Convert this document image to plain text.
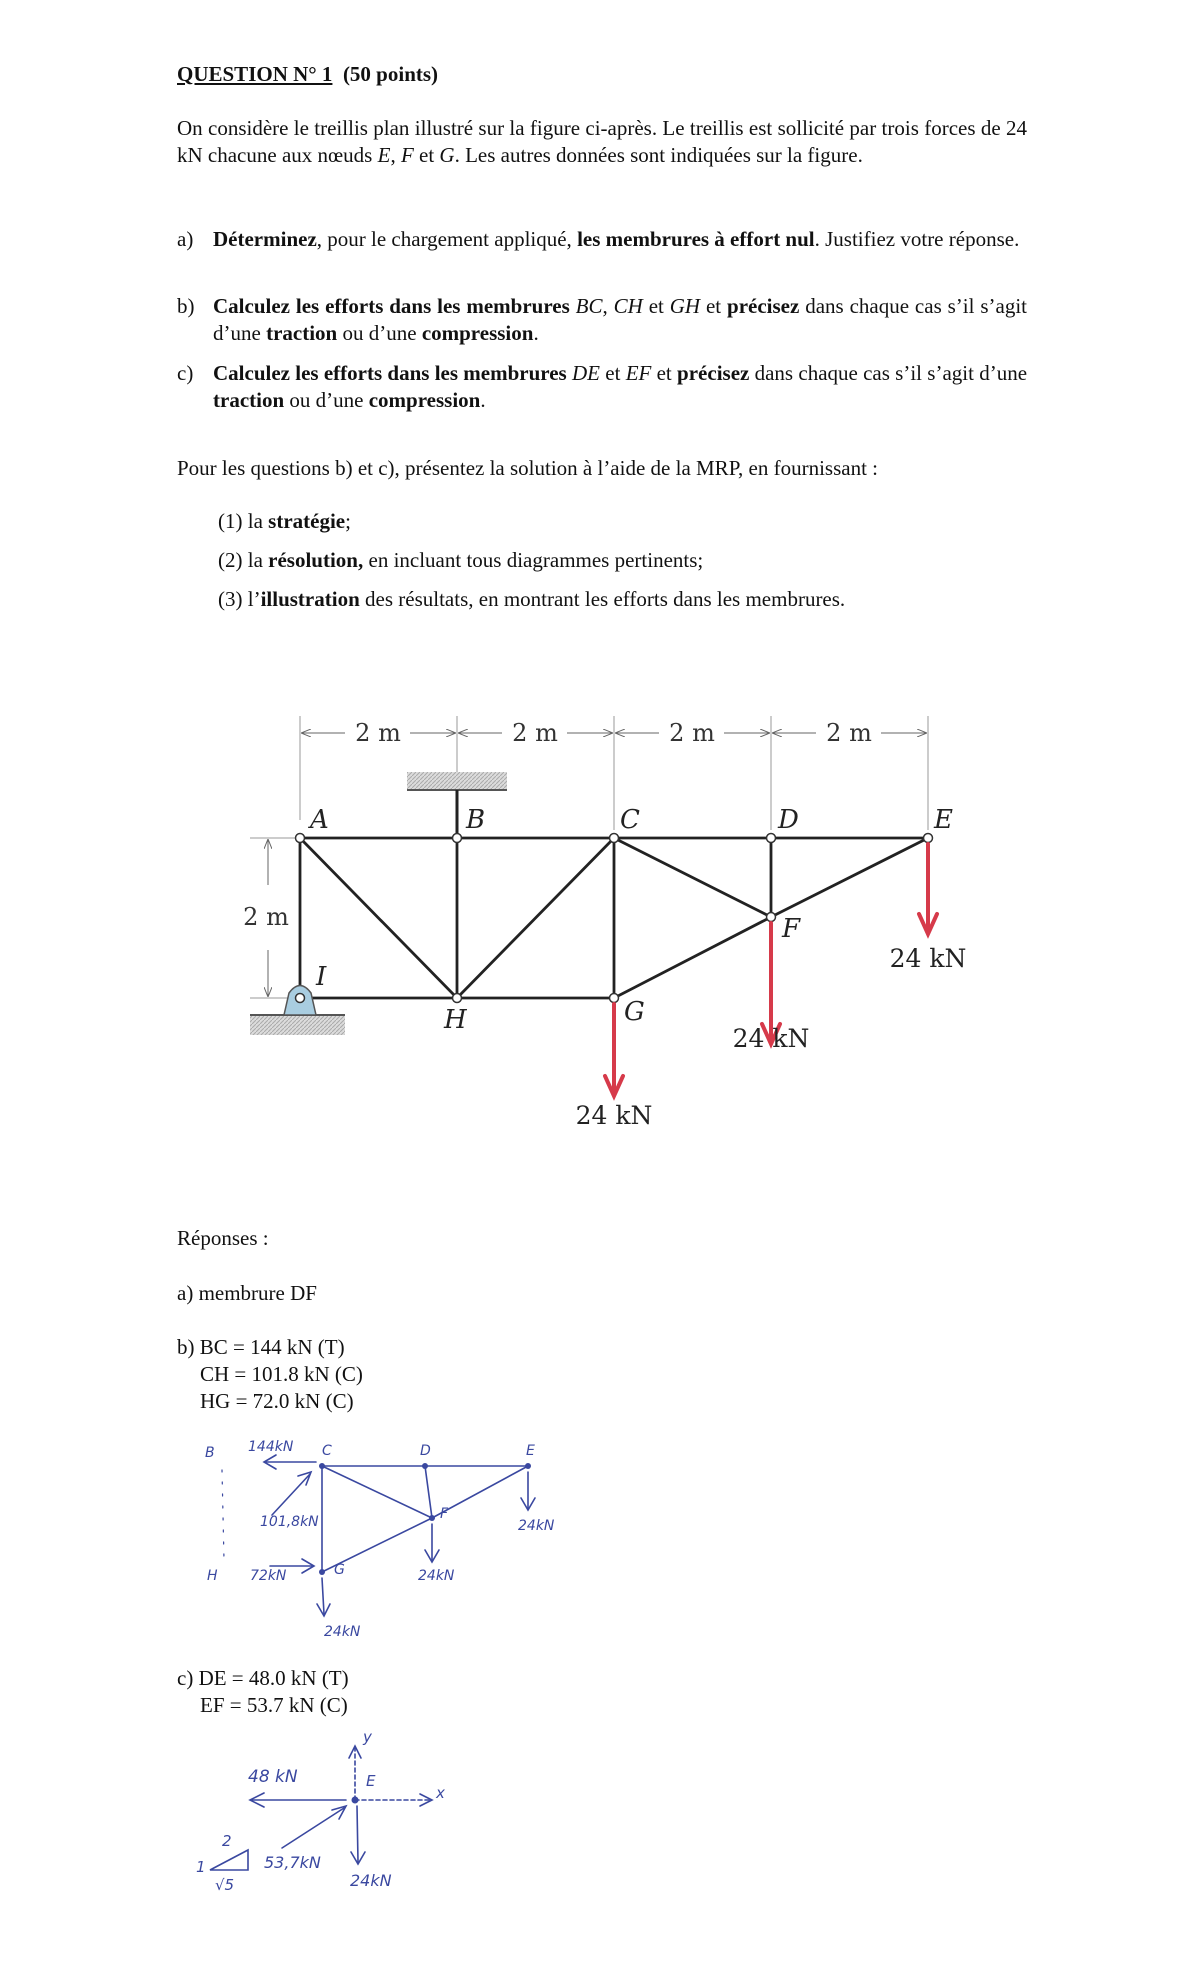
QUESTION N° 1 (50 points)
On considère le treillis plan illustré sur la figure ci-après. Le treillis est sollicité par trois forces de 24 kN chacune aux nœuds E, F et G. Les autres données sont indiquées sur la figure.
a) Déterminez, pour le chargement appliqué, les membrures à effort nul. Justifiez votre réponse.
b) Calculez les efforts dans les membrures BC, CH et GH et précisez dans chaque cas s’il s’agit d’une traction ou d’une compression.
c) Calculez les efforts dans les membrures DE et EF et précisez dans chaque cas s’il s’agit d’une traction ou d’une compression.
Pour les questions b) et c), présentez la solution à l’aide de la MRP, en fournissant :
(1) la stratégie;
(2) la résolution, en incluant tous diagrammes pertinents;
(3) l’illustration des résultats, en montrant les efforts dans les membrures.
2 m	2 m	2 m	2 m
2 m
A	B	C	D	E
F
G
H
I
24 kN
24 kN
24 kN
Réponses :
a) membrure DF
b) BC = 144 kN (T)
CH = 101.8 kN (C)
HG = 72.0 kN (C)
B	C	D	E
F
G
H
144kN
101,8kN
72kN	24kN
24kN
24kN
c) DE = 48.0 kN (T)
EF = 53.7 kN (C)
y
x
E
48 kN
53,7kN
24kN
1
2
√5
